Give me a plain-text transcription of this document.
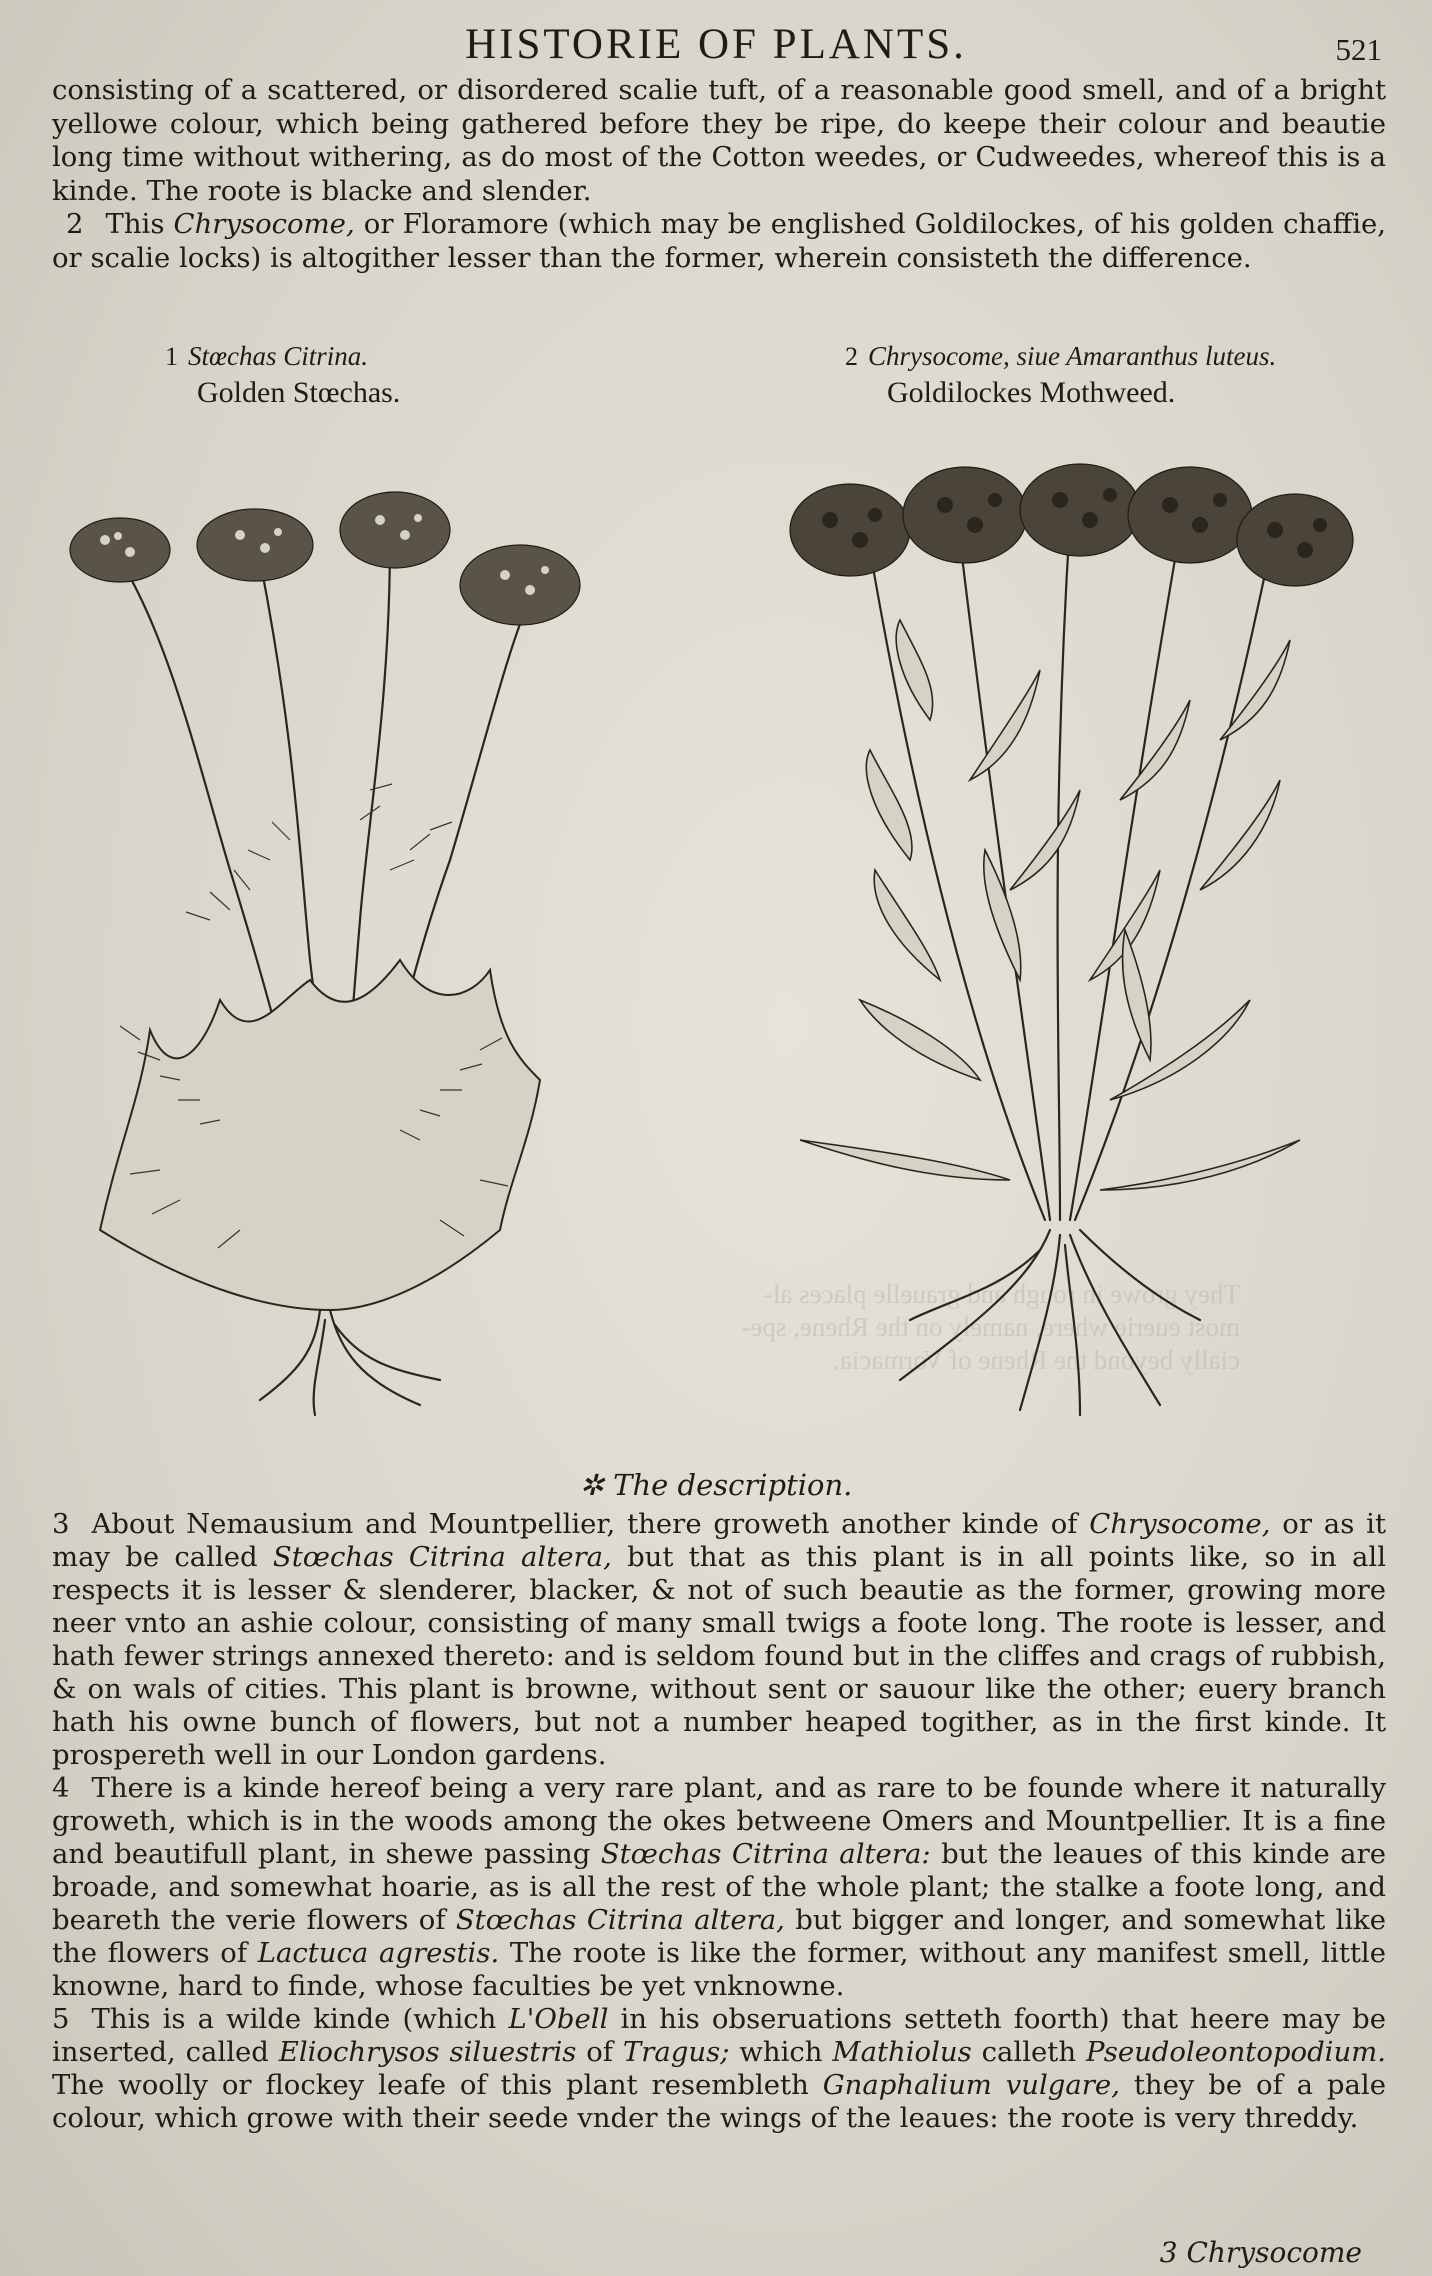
They growe in rough and grauelle places al-
most euerie where, namely on the Rhene, spe-
cially beyond the Rhene of Vormacia.
HISTORIE OF PLANTS.	521

consisting of a scattered, or disordered scalie tuft, of a reasonable good smell, and of a bright yellowe colour, which being gathered before they be ripe, do keepe their colour and beautie long time without withering, as do most of the Cotton weedes, or Cudweedes, whereof this is a kinde. The roote is blacke and slender.

2 This Chrysocome, or Floramore (which may be englished Goldilockes, of his golden chaffie, or scalie locks) is altogither lesser than the former, wherein consisteth the difference.

1 Stœchas Citrina.
Golden Stœchas.
2 Chrysocome, siue Amaranthus luteus.
Goldilockes Mothweed.
✲ The description.

3 About Nemausium and Mountpellier, there groweth another kinde of Chrysocome, or as it may be called Stœchas Citrina altera, but that as this plant is in all points like, so in all respects it is lesser & slenderer, blacker, & not of such beautie as the former, growing more neer vnto an ashie colour, consisting of many small twigs a foote long. The roote is lesser, and hath fewer strings annexed thereto: and is seldom found but in the cliffes and crags of rubbish, & on wals of cities. This plant is browne, without sent or sauour like the other; euery branch hath his owne bunch of flowers, but not a number heaped togither, as in the first kinde. It prospereth well in our London gardens.

4 There is a kinde hereof being a very rare plant, and as rare to be founde where it naturally groweth, which is in the woods among the okes betweene Omers and Mountpellier. It is a fine and beautifull plant, in shewe passing Stœchas Citrina altera: but the leaues of this kinde are broade, and somewhat hoarie, as is all the rest of the whole plant; the stalke a foote long, and beareth the verie flowers of Stœchas Citrina altera, but bigger and longer, and somewhat like the flowers of Lactuca agrestis. The roote is like the former, without any manifest smell, little knowne, hard to finde, whose faculties be yet vnknowne.

5 This is a wilde kinde (which L'Obell in his obseruations setteth foorth) that heere may be inserted, called Eliochrysos siluestris of Tragus; which Mathiolus calleth Pseudoleontopodium. The woolly or flockey leafe of this plant resembleth Gnaphalium vulgare, they be of a pale colour, which growe with their seede vnder the wings of the leaues: the roote is very threddy.

3 Chrysocome
